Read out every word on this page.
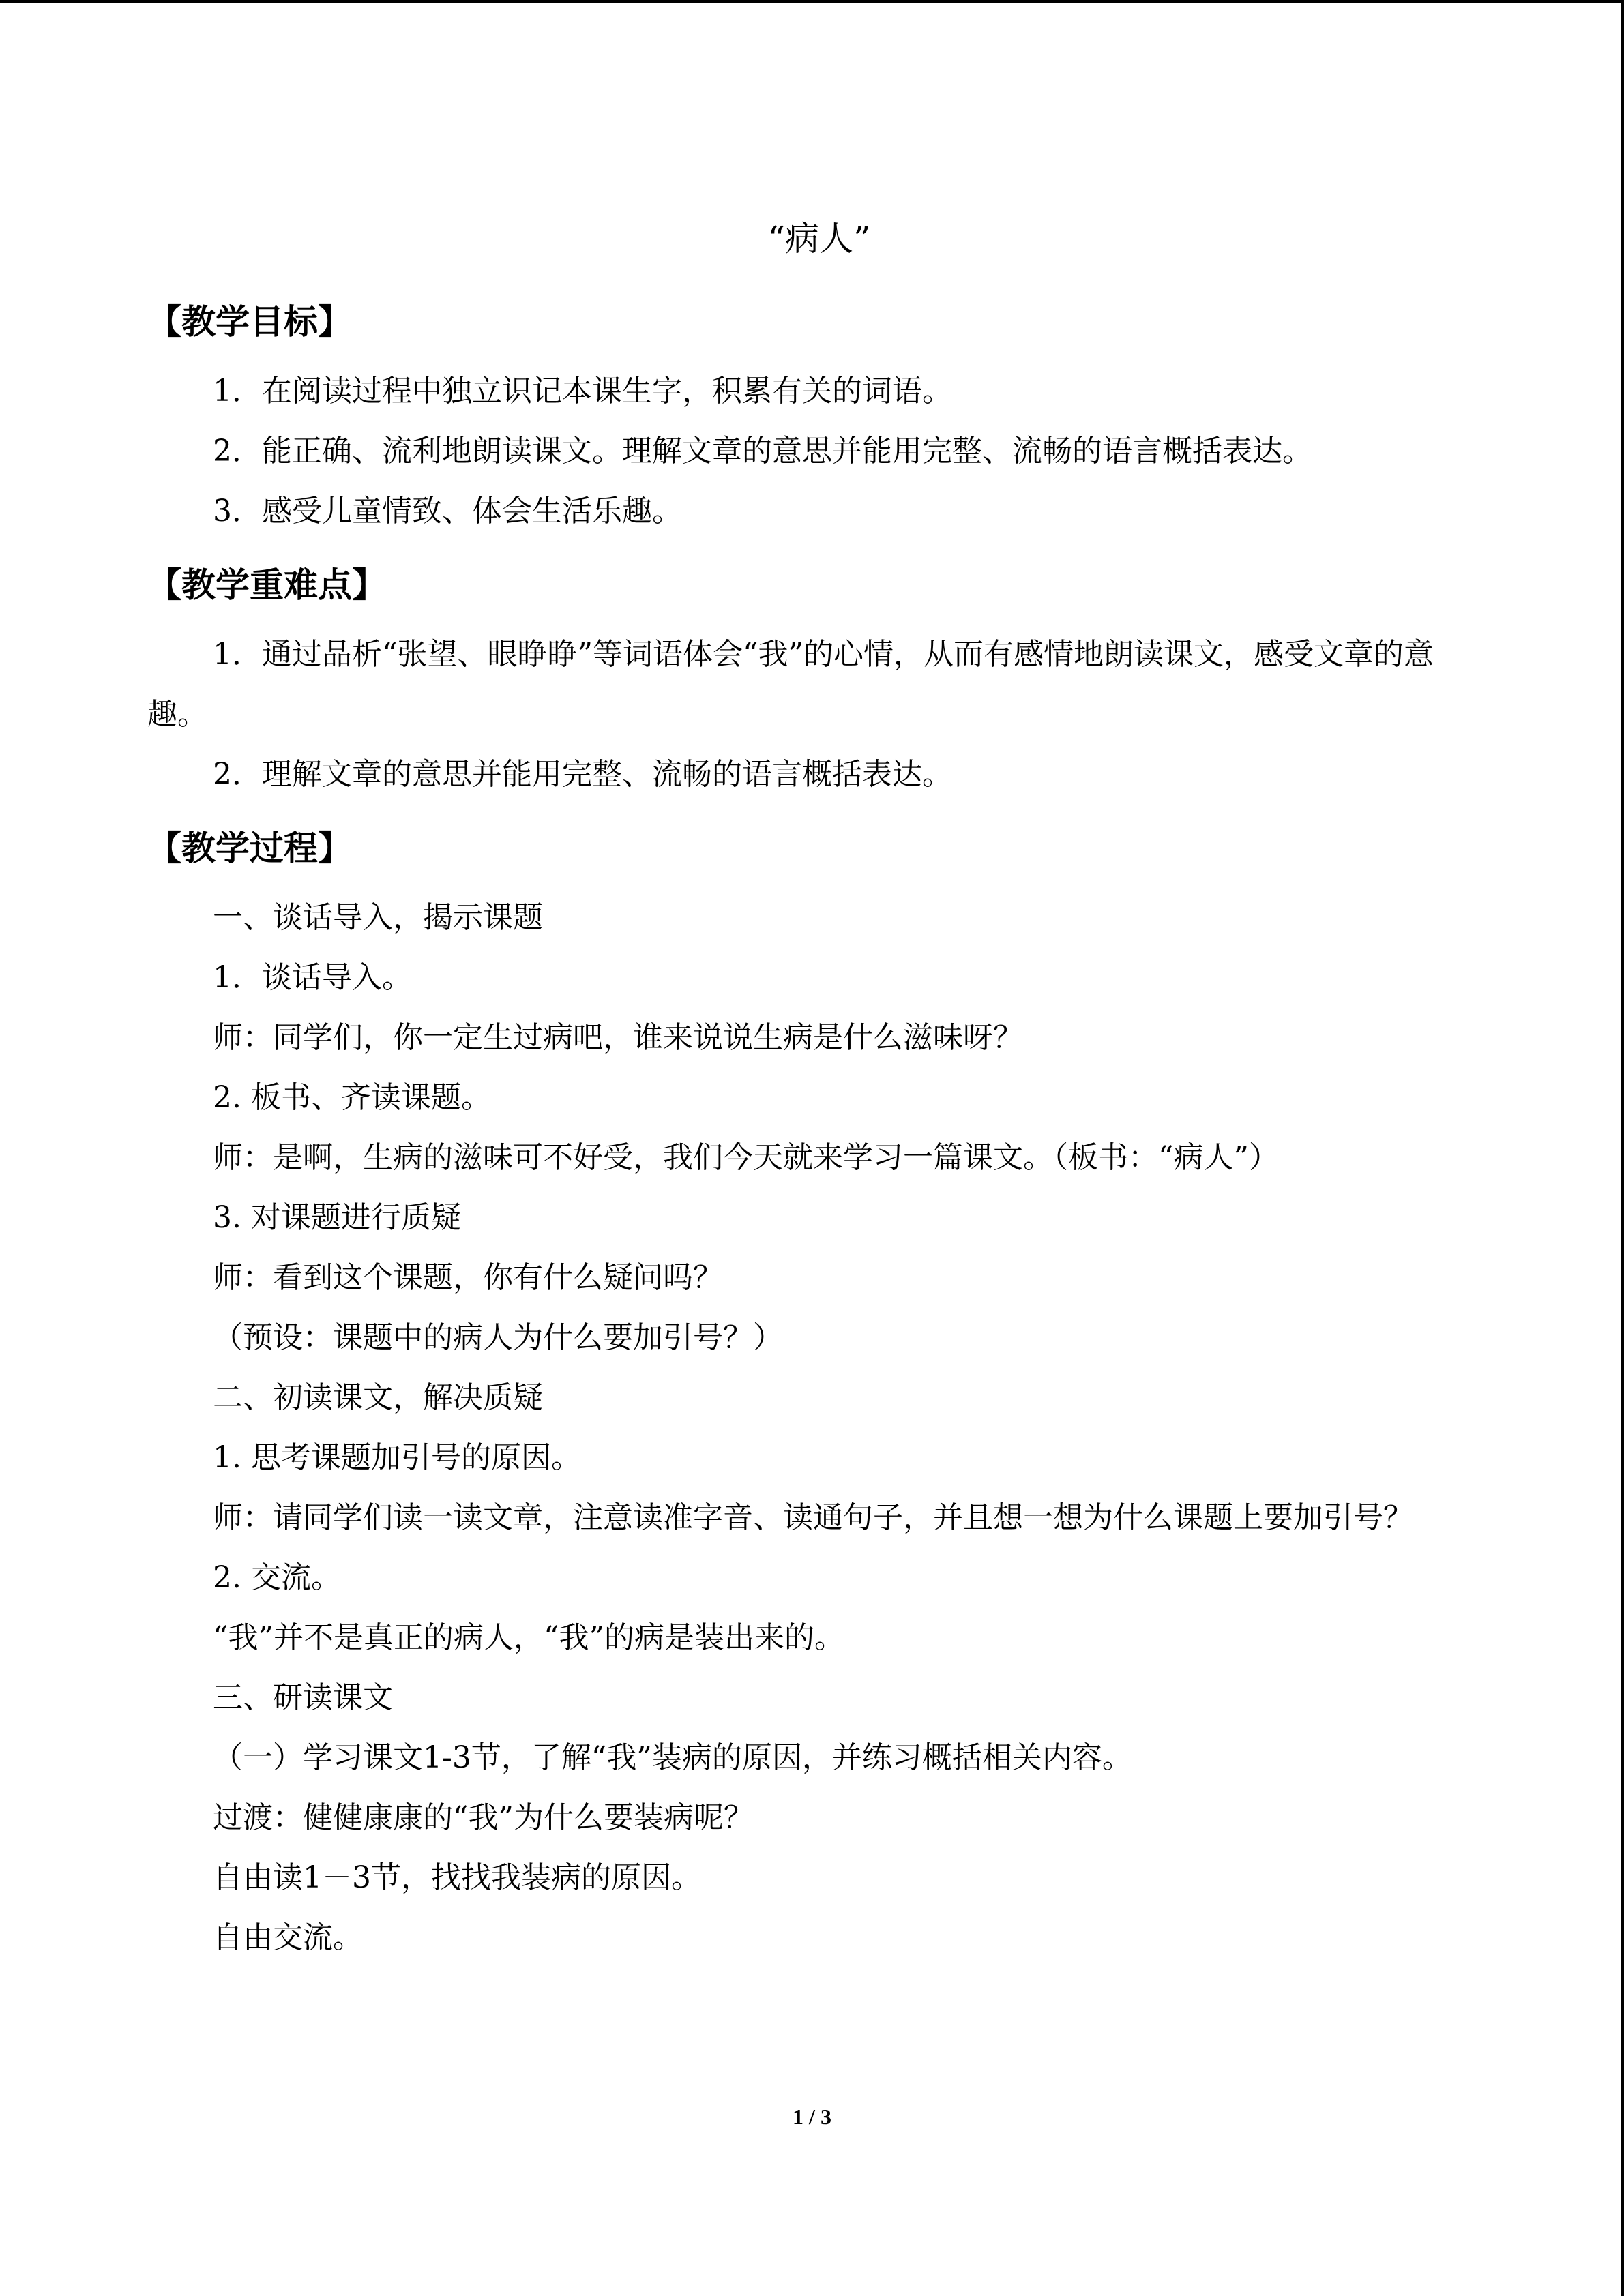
“病人”
【教学目标】

1．在阅读过程中独立识记本课生字，积累有关的词语。

2．能正确、流利地朗读课文。理解文章的意思并能用完整、流畅的语言概括表达。

3．感受儿童情致、体会生活乐趣。

【教学重难点】

1．通过品析“张望、眼睁睁”等词语体会“我”的心情，从而有感情地朗读课文，感受文章的意趣。

2．理解文章的意思并能用完整、流畅的语言概括表达。

【教学过程】

一、谈话导入，揭示课题

1．谈话导入。

师：同学们，你一定生过病吧，谁来说说生病是什么滋味呀？

2. 板书、齐读课题。

师：是啊，生病的滋味可不好受，我们今天就来学习一篇课文。（板书：“病人”）

3. 对课题进行质疑

师：看到这个课题，你有什么疑问吗？

（预设：课题中的病人为什么要加引号？）

二、初读课文，解决质疑

1. 思考课题加引号的原因。

师：请同学们读一读文章，注意读准字音、读通句子，并且想一想为什么课题上要加引号？

2. 交流。

“我”并不是真正的病人，“我”的病是装出来的。

三、研读课文

（一）学习课文1-3节，了解“我”装病的原因，并练习概括相关内容。

过渡：健健康康的“我”为什么要装病呢？

自由读1－3节，找找我装病的原因。

自由交流。

1 / 3
